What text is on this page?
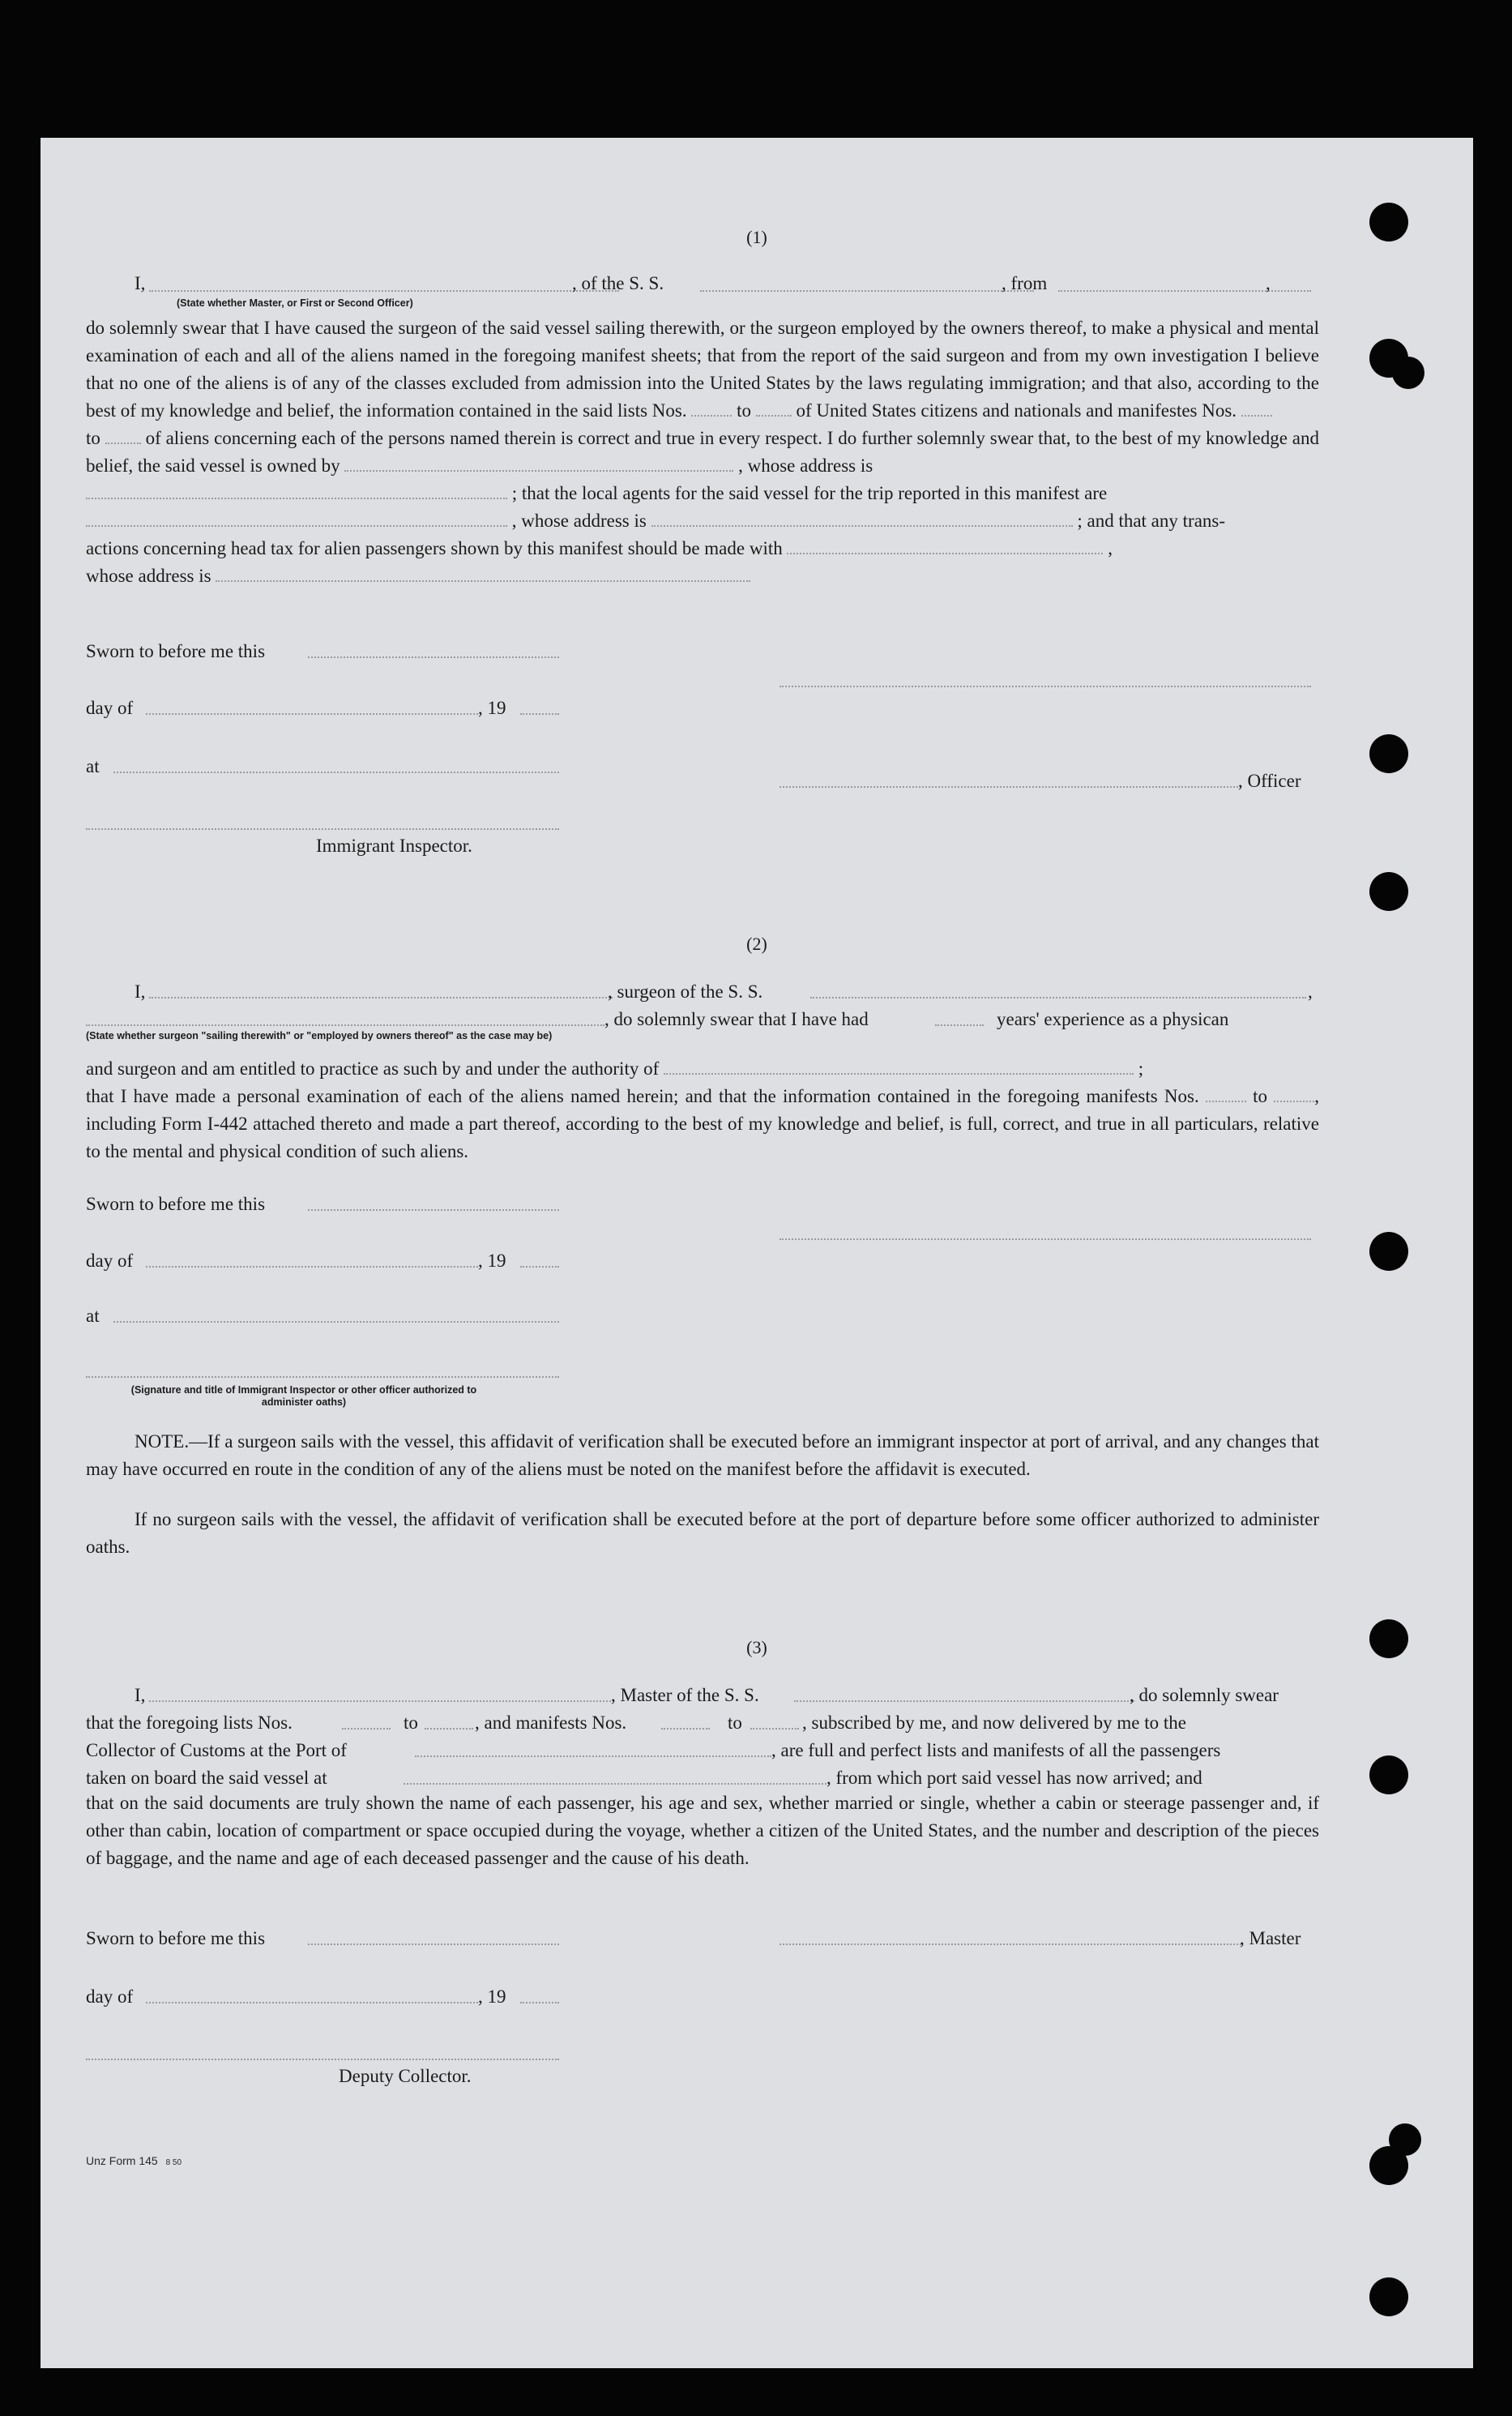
(1)
I,
(State whether Master, or First or Second Officer)
, of the S. S.	, from	,
do solemnly swear that I have caused the surgeon of the said vessel sailing therewith, or the surgeon employed by the owners thereof, to make a physical and mental examination of each and all of the aliens named in the foregoing manifest sheets; that from the report of the said surgeon and from my own investigation I believe that no one of the aliens is of any of the classes excluded from admission into the United States by the laws regulating immigration; and that also, according to the best of my knowledge and belief, the information contained in the said lists Nos.	to of United States citizens and nationals and manifestes Nos.
to of aliens concerning each of the persons named therein is correct and true in every respect. I do further solemnly swear that, to the best of my knowledge and belief, the said vessel is owned by	, whose address is
; that the local agents for the said vessel for the trip reported in this manifest are
, whose address is	; and that any trans-
actions concerning head tax for alien passengers shown by this manifest should be made with	,
whose address is
Sworn to before me this
day of	, 19
at
, Officer
Immigrant Inspector.
(2)
I,	, surgeon of the S. S.	,
, do solemnly swear that I have had	years' experience as a physican
(State whether surgeon "sailing therewith" or "employed by owners thereof" as the case may be)
and surgeon and am entitled to practice as such by and under the authority of	;
that I have made a personal examination of each of the aliens named herein; and that the information contained in the foregoing manifests Nos.	to	, including Form I-442 attached thereto and made a part thereof, according to the best of my knowledge and belief, is full, correct, and true in all particulars, relative to the mental and physical condition of such aliens.
Sworn to before me this
day of	, 19
at
(Signature and title of Immigrant Inspector or other officer authorized to administer oaths)
NOTE.—If a surgeon sails with the vessel, this affidavit of verification shall be executed before an immigrant inspector at port of arrival, and any changes that may have occurred en route in the condition of any of the aliens must be noted on the manifest before the affidavit is executed.
If no surgeon sails with the vessel, the affidavit of verification shall be executed before at the port of departure before some officer authorized to administer oaths.
(3)
I,	, Master of the S. S.	, do solemnly swear
that the foregoing lists Nos.	to	, and manifests Nos.	to	, subscribed by me, and now delivered by me to the
Collector of Customs at the Port of	, are full and perfect lists and manifests of all the passengers
taken on board the said vessel at	, from which port said vessel has now arrived; and
that on the said documents are truly shown the name of each passenger, his age and sex, whether married or single, whether a cabin or steerage passenger and, if other than cabin, location of compartment or space occupied during the voyage, whether a citizen of the United States, and the number and description of the pieces of baggage, and the name and age of each deceased passenger and the cause of his death.
Sworn to before me this	, Master
day of	, 19
Deputy Collector.
Unz Form 145 8 50
